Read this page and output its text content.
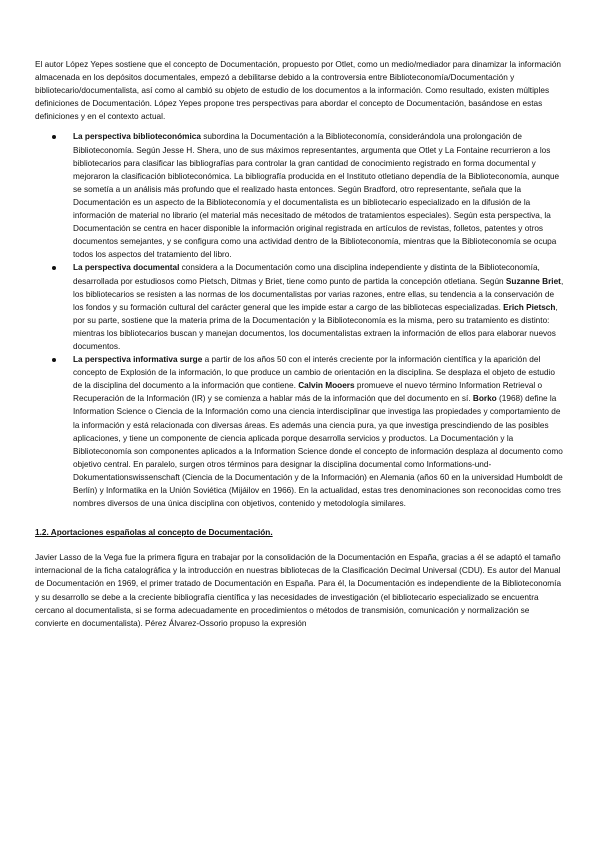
El autor López Yepes sostiene que el concepto de Documentación, propuesto por Otlet, como un medio/mediador para dinamizar la información almacenada en los depósitos documentales, empezó a debilitarse debido a la controversia entre Biblioteconomía/Documentación y bibliotecario/documentalista, así como al cambió su objeto de estudio de los documentos a la información. Como resultado, existen múltiples definiciones de Documentación. López Yepes propone tres perspectivas para abordar el concepto de Documentación, basándose en estas definiciones y en el contexto actual.

La perspectiva biblioteconómica subordina la Documentación a la Biblioteconomía, considerándola una prolongación de Biblioteconomía. Según Jesse H. Shera, uno de sus máximos representantes, argumenta que Otlet y La Fontaine recurrieron a los bibliotecarios para clasificar las bibliografías para controlar la gran cantidad de conocimiento registrado en forma documental y mejoraron la clasificación biblioteconómica. La bibliografía producida en el Instituto otletiano dependía de la Biblioteconomía, aunque se sometía a un análisis más profundo que el realizado hasta entonces. Según Bradford, otro representante, señala que la Documentación es un aspecto de la Biblioteconomía y el documentalista es un bibliotecario especializado en la difusión de la información de material no librario (el material más necesitado de métodos de tratamientos especiales). Según esta perspectiva, la Documentación se centra en hacer disponible la información original registrada en artículos de revistas, folletos, patentes y otros documentos semejantes, y se configura como una actividad dentro de la Biblioteconomía, mientras que la Biblioteconomía se ocupa todos los aspectos del tratamiento del libro.
La perspectiva documental considera a la Documentación como una disciplina independiente y distinta de la Biblioteconomía, desarrollada por estudiosos como Pietsch, Ditmas y Briet, tiene como punto de partida la concepción otletiana. Según Suzanne Briet, los bibliotecarios se resisten a las normas de los documentalistas por varias razones, entre ellas, su tendencia a la conservación de los fondos y su formación cultural del carácter general que les impide estar a cargo de las bibliotecas especializadas. Erich Pietsch, por su parte, sostiene que la materia prima de la Documentación y la Biblioteconomía es la misma, pero su tratamiento es distinto: mientras los bibliotecarios buscan y manejan documentos, los documentalistas extraen la información de ellos para elaborar nuevos documentos.
La perspectiva informativa surge a partir de los años 50 con el interés creciente por la información científica y la aparición del concepto de Explosión de la información, lo que produce un cambio de orientación en la disciplina. Se desplaza el objeto de estudio de la disciplina del documento a la información que contiene. Calvin Mooers promueve el nuevo término Information Retrieval o Recuperación de la Información (IR) y se comienza a hablar más de la información que del documento en sí. Borko (1968) define la Information Science o Ciencia de la Información como una ciencia interdisciplinar que investiga las propiedades y comportamiento de la información y está relacionada con diversas áreas. Es además una ciencia pura, ya que investiga prescindiendo de las posibles aplicaciones, y tiene un componente de ciencia aplicada porque desarrolla servicios y productos. La Documentación y la Biblioteconomía son componentes aplicados a la Information Science donde el concepto de información desplaza al documento como objetivo central. En paralelo, surgen otros términos para designar la disciplina documental como Informations-und-Dokumentationswissenschaft (Ciencia de la Documentación y de la Información) en Alemania (años 60 en la universidad Humboldt de Berlín) y Informatika en la Unión Soviética (Mijáilov en 1966). En la actualidad, estas tres denominaciones son reconocidas como tres nombres diversos de una única disciplina con objetivos, contenido y metodología similares.

1.2. Aportaciones españolas al concepto de Documentación.

Javier Lasso de la Vega fue la primera figura en trabajar por la consolidación de la Documentación en España, gracias a él se adaptó el tamaño internacional de la ficha catalográfica y la introducción en nuestras bibliotecas de la Clasificación Decimal Universal (CDU). Es autor del Manual de Documentación en 1969, el primer tratado de Documentación en España. Para él, la Documentación es independiente de la Biblioteconomía y su desarrollo se debe a la creciente bibliografía científica y las necesidades de investigación (el bibliotecario especializado se encuentra cercano al documentalista, si se forma adecuadamente en procedimientos o métodos de transmisión, comunicación y normalización se convierte en documentalista). Pérez Álvarez-Ossorio propuso la expresión
